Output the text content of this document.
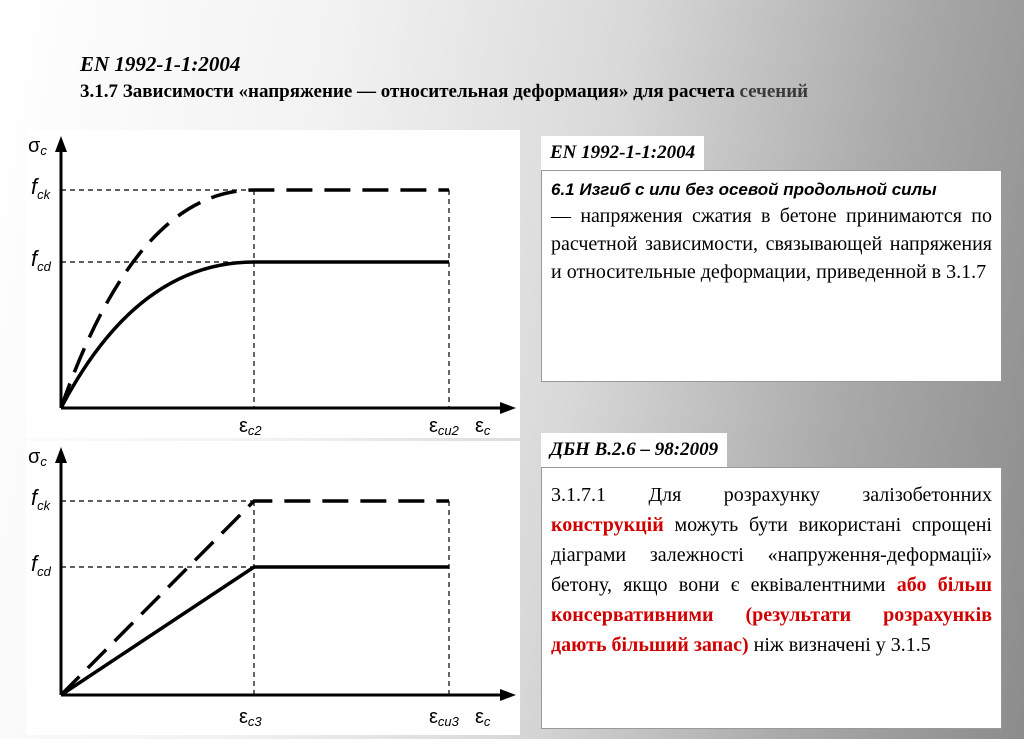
EN 1992-1-1:2004
3.1.7 Зависимости «напряжение — относительная деформация» для расчета сечений
σc
$f_{ck}$
$f_{cd}$
εc2	εcu2 εc
σc
$f_{ck}$
$f_{cd}$
εc3	εcu3 εc
EN 1992-1-1:2004
6.1 Изгиб с или без осевой продольной силы
— напряжения сжатия в бетоне принимаются по расчетной зависимости, связывающей напряжения и относительные деформации, приведенной в 3.1.7
ДБН В.2.6 – 98:2009
3.1.7.1 Для розрахунку залізобетонних конструкцій можуть бути використані спрощені діаграми залежності «напруження-деформації» бетону, якщо вони є еквівалентними або більш консервативними (результати розрахунків дають більший запас) ніж визначені у 3.1.5
